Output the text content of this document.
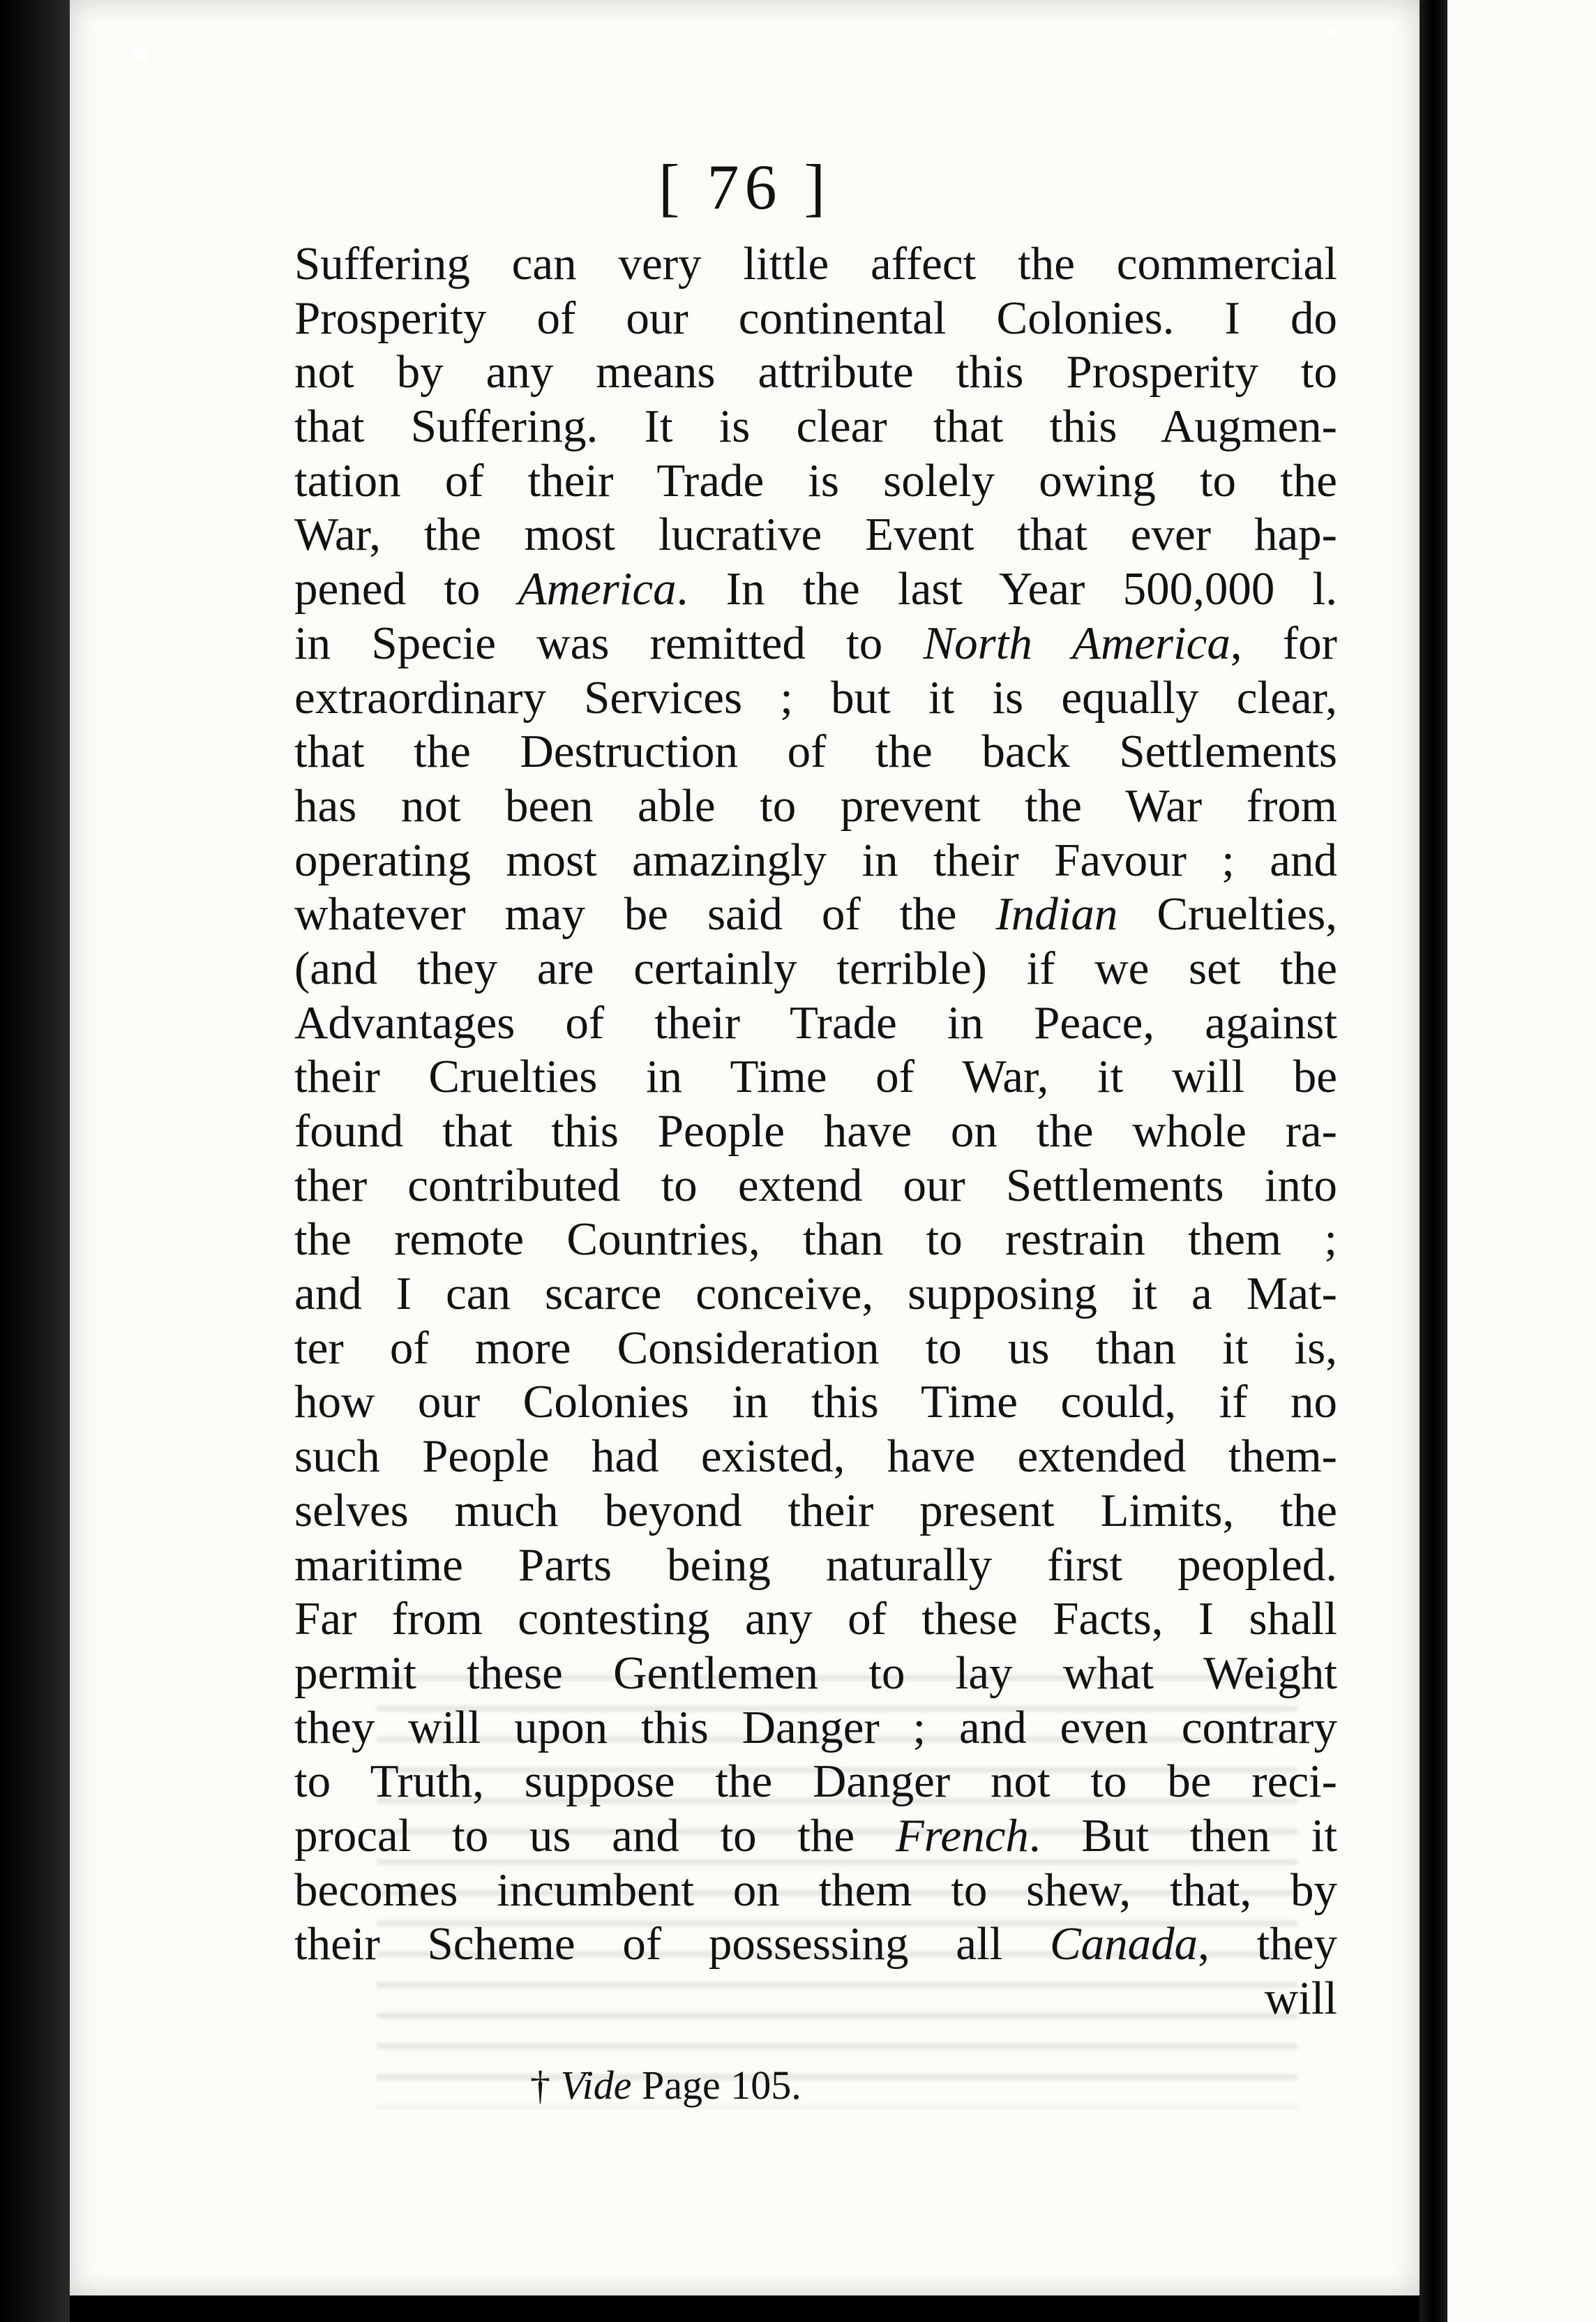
[ 76 ]
Suffering can very little affect the commercial
Prosperity of our continental Colonies. I do
not by any means attribute this Prosperity to
that Suffering. It is clear that this Augmen-
tation of their Trade is solely owing to the
War, the most lucrative Event that ever hap-
pened to America. In the last Year 500,000 l.
in Specie was remitted to North America, for
extraordinary Services ; but it is equally clear,
that the Destruction of the back Settlements
has not been able to prevent the War from
operating most amazingly in their Favour ; and
whatever may be said of the Indian Cruelties,
(and they are certainly terrible) if we set the
Advantages of their Trade in Peace, against
their Cruelties in Time of War, it will be
found that this People have on the whole ra-
ther contributed to extend our Settlements into
the remote Countries, than to restrain them ;
and I can scarce conceive, supposing it a Mat-
ter of more Consideration to us than it is,
how our Colonies in this Time could, if no
such People had existed, have extended them-
selves much beyond their present Limits, the
maritime Parts being naturally first peopled.
Far from contesting any of these Facts, I shall
permit these Gentlemen to lay what Weight
they will upon this Danger ; and even contrary
to Truth, suppose the Danger not to be reci-
procal to us and to the French. But then it
becomes incumbent on them to shew, that, by
their Scheme of possessing all Canada, they
will
† Vide Page 105.
